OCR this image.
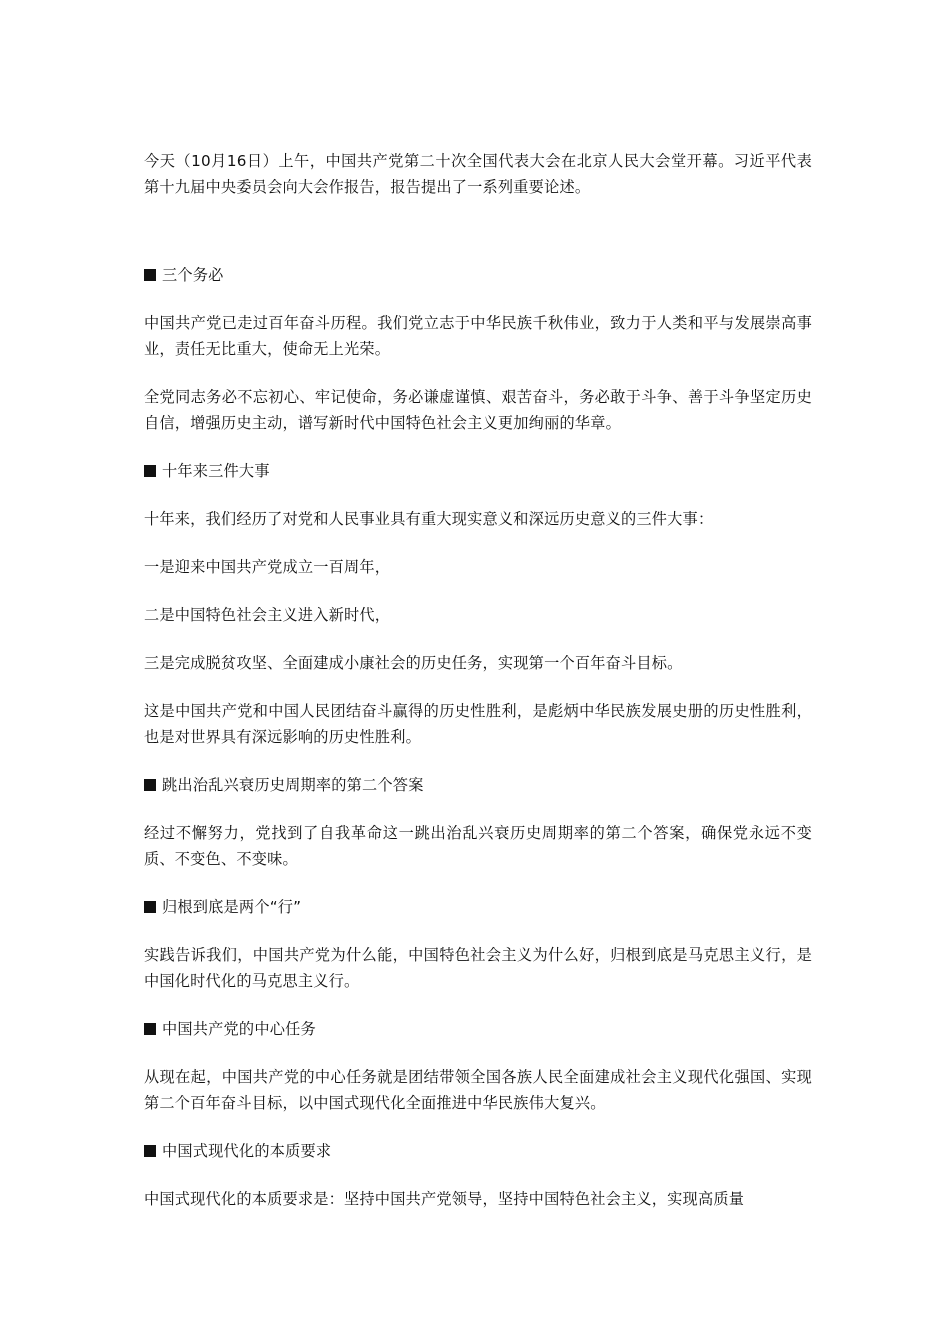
今天（10月16日）上午，中国共产党第二十次全国代表大会在北京人民大会堂开幕。习近平代表第十九届中央委员会向大会作报告，报告提出了一系列重要论述。

三个务必

中国共产党已走过百年奋斗历程。我们党立志于中华民族千秋伟业，致力于人类和平与发展崇高事业，责任无比重大，使命无上光荣。

全党同志务必不忘初心、牢记使命，务必谦虚谨慎、艰苦奋斗，务必敢于斗争、善于斗争坚定历史自信，增强历史主动，谱写新时代中国特色社会主义更加绚丽的华章。

十年来三件大事

十年来，我们经历了对党和人民事业具有重大现实意义和深远历史意义的三件大事：

一是迎来中国共产党成立一百周年，

二是中国特色社会主义进入新时代，

三是完成脱贫攻坚、全面建成小康社会的历史任务，实现第一个百年奋斗目标。

这是中国共产党和中国人民团结奋斗赢得的历史性胜利，是彪炳中华民族发展史册的历史性胜利，也是对世界具有深远影响的历史性胜利。

跳出治乱兴衰历史周期率的第二个答案

经过不懈努力，党找到了自我革命这一跳出治乱兴衰历史周期率的第二个答案，确保党永远不变质、不变色、不变味。

归根到底是两个“行”

实践告诉我们，中国共产党为什么能，中国特色社会主义为什么好，归根到底是马克思主义行，是中国化时代化的马克思主义行。

中国共产党的中心任务

从现在起，中国共产党的中心任务就是团结带领全国各族人民全面建成社会主义现代化强国、实现第二个百年奋斗目标，以中国式现代化全面推进中华民族伟大复兴。

中国式现代化的本质要求

中国式现代化的本质要求是：坚持中国共产党领导，坚持中国特色社会主义，实现高质量
